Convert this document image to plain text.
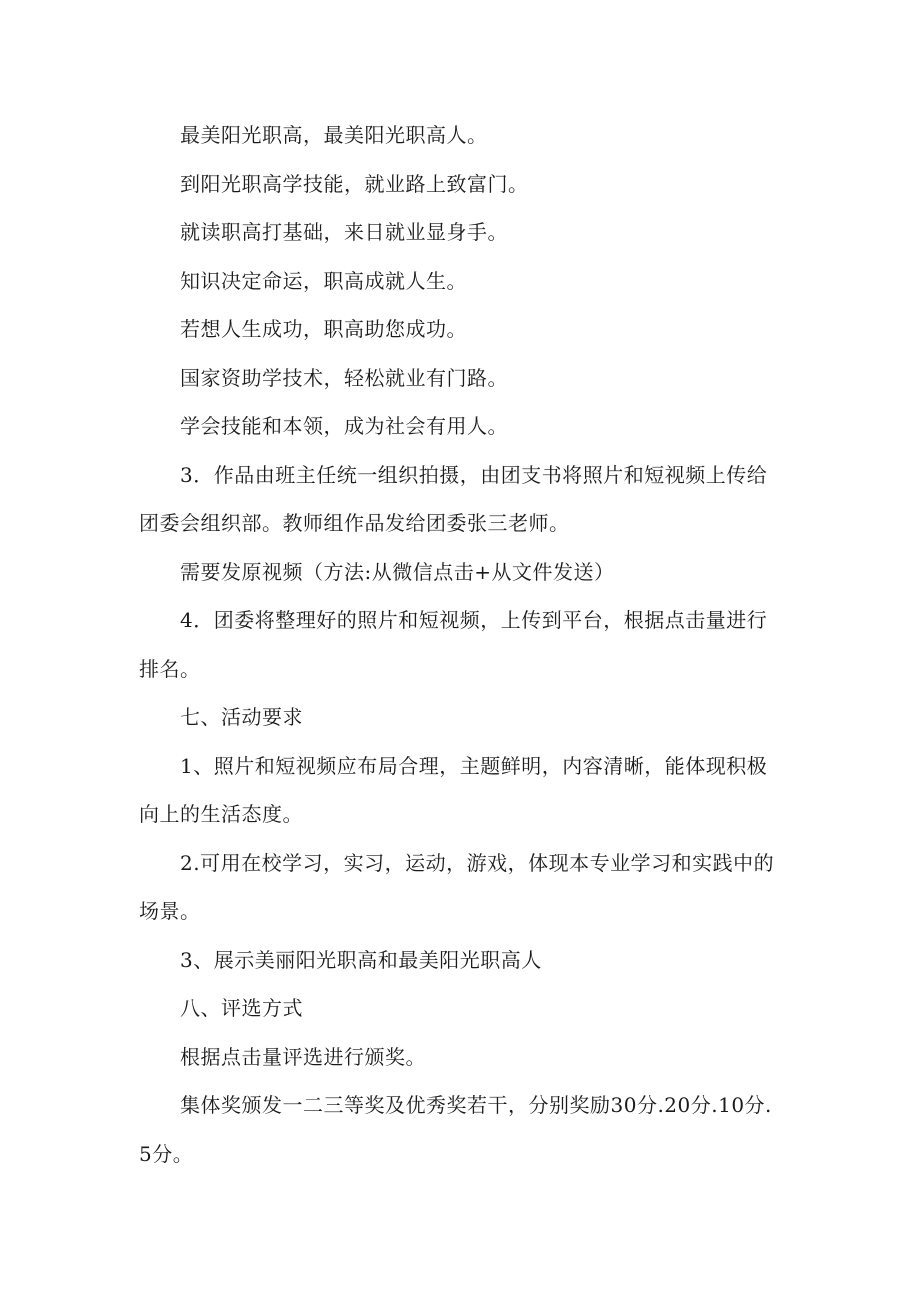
最美阳光职高，最美阳光职高人。

到阳光职高学技能，就业路上致富门。

就读职高打基础，来日就业显身手。

知识决定命运，职高成就人生。

若想人生成功，职高助您成功。

国家资助学技术，轻松就业有门路。

学会技能和本领，成为社会有用人。

3．作品由班主任统一组织拍摄，由团支书将照片和短视频上传给团委会组织部。教师组作品发给团委张三老师。

需要发原视频（方法:从微信点击+从文件发送）

4．团委将整理好的照片和短视频，上传到平台，根据点击量进行排名。

七、活动要求

1、照片和短视频应布局合理，主题鲜明，内容清晰，能体现积极向上的生活态度。

2.可用在校学习，实习，运动，游戏，体现本专业学习和实践中的场景。

3、展示美丽阳光职高和最美阳光职高人

八、评选方式

根据点击量评选进行颁奖。

集体奖颁发一二三等奖及优秀奖若干，分别奖励30分.20分.10分.5分。
